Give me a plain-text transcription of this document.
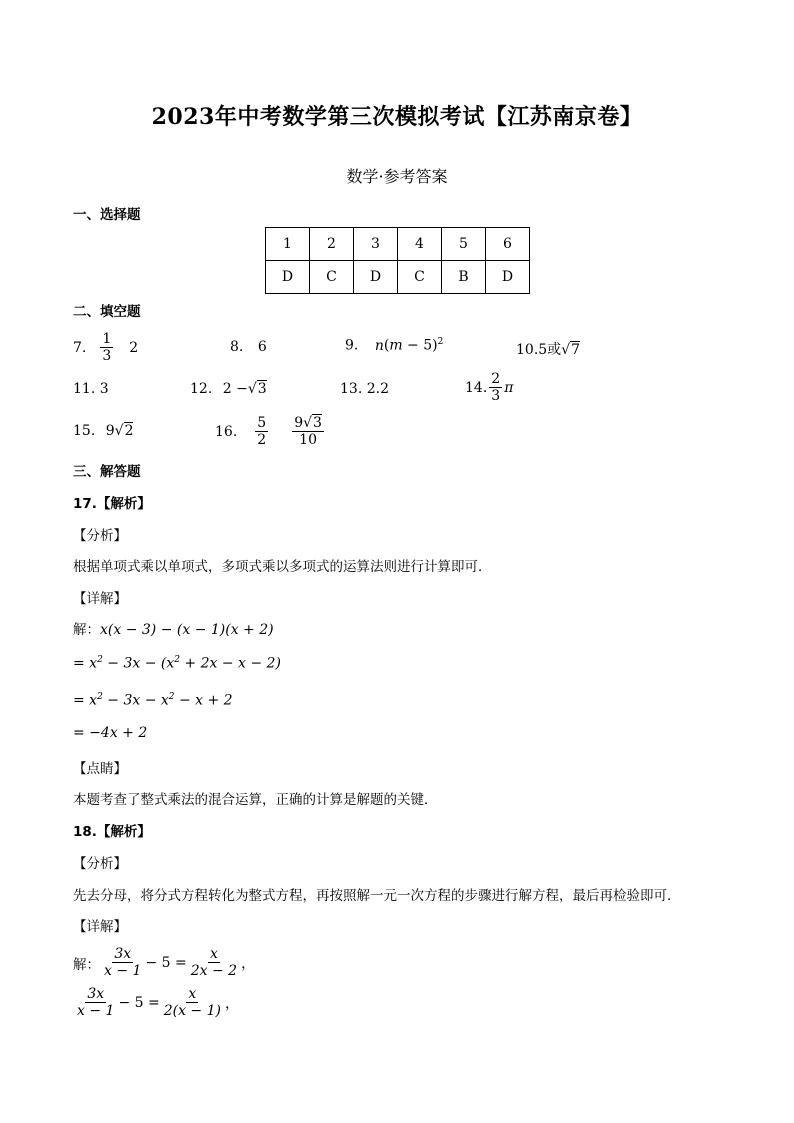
2023年中考数学第三次模拟考试【江苏南京卷】
数学·参考答案
一、选择题
1	2	3	4	5	6
D	C	D	C	B	D
二、填空题
7. $\frac{1}{3} 2$	8. 6	9. $n(m - 5)^2$	10.5或√7
11. 3	12. 2 −√3	13. 2.2	14. $\frac{2}{3}$ π
15. 9√2	16. $\frac{5}{2} \frac{9√3}{10}$
三、解答题
17.【解析】
【分析】
根据单项式乘以单项式，多项式乘以多项式的运算法则进行计算即可．
【详解】
解：x(x − 3) − (x − 1)(x + 2)
= $x^2 - 3x - (x^2 + 2x - x - 2)$
= $x^2 - 3x - x^2 - x + 2$
= −4x + 2
【点睛】
本题考查了整式乘法的混合运算，正确的计算是解题的关键．
18.【解析】
【分析】
先去分母，将分式方程转化为整式方程，再按照解一元一次方程的步骤进行解方程，最后再检验即可．
【详解】
解： $\frac{3x}{x - 1} - 5 = \frac{x}{2x - 2}$ ，
$\frac{3x}{x - 1} - 5 = \frac{x}{2(x - 1)}$ ，
